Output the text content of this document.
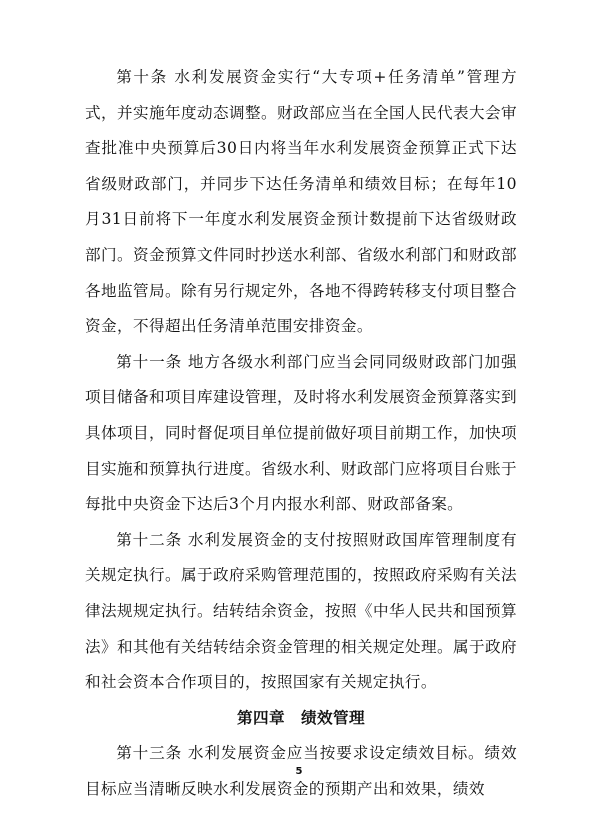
第十条 水利发展资金实行“大专项+任务清单”管理方式，并实施年度动态调整。财政部应当在全国人民代表大会审查批准中央预算后30日内将当年水利发展资金预算正式下达省级财政部门，并同步下达任务清单和绩效目标；在每年10月31日前将下一年度水利发展资金预计数提前下达省级财政部门。资金预算文件同时抄送水利部、省级水利部门和财政部各地监管局。除有另行规定外，各地不得跨转移支付项目整合资金，不得超出任务清单范围安排资金。

第十一条 地方各级水利部门应当会同同级财政部门加强项目储备和项目库建设管理，及时将水利发展资金预算落实到具体项目，同时督促项目单位提前做好项目前期工作，加快项目实施和预算执行进度。省级水利、财政部门应将项目台账于每批中央资金下达后3个月内报水利部、财政部备案。

第十二条 水利发展资金的支付按照财政国库管理制度有关规定执行。属于政府采购管理范围的，按照政府采购有关法律法规规定执行。结转结余资金，按照《中华人民共和国预算法》和其他有关结转结余资金管理的相关规定处理。属于政府和社会资本合作项目的，按照国家有关规定执行。

第四章　绩效管理

第十三条 水利发展资金应当按要求设定绩效目标。绩效目标应当清晰反映水利发展资金的预期产出和效果，绩效

5
